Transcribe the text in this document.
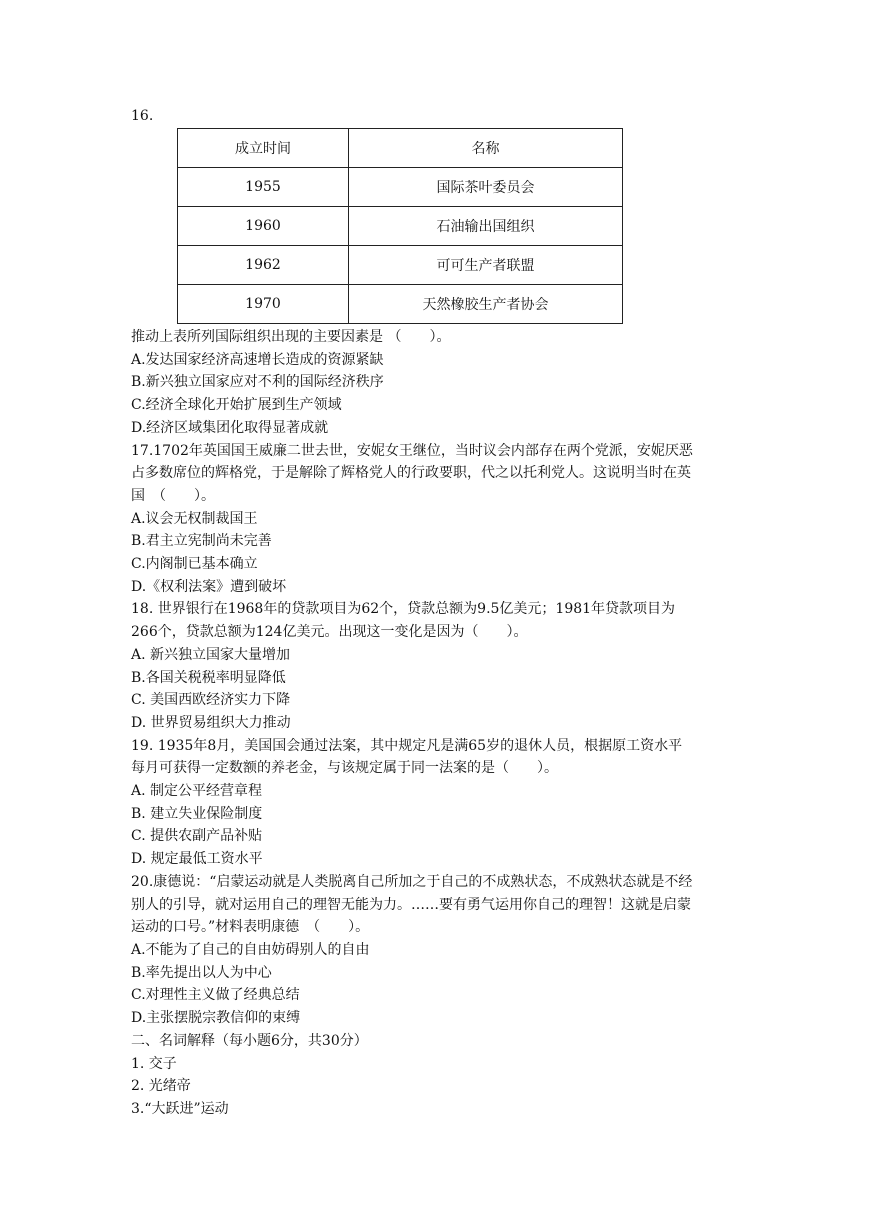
16.
成立时间	名称
1955	国际茶叶委员会
1960	石油输出国组织
1962	可可生产者联盟
1970	天然橡胶生产者协会

推动上表所列国际组织出现的主要因素是 （　　）。

A.发达国家经济高速增长造成的资源紧缺

B.新兴独立国家应对不利的国际经济秩序

C.经济全球化开始扩展到生产领域

D.经济区域集团化取得显著成就

17.1702年英国国王威廉二世去世，安妮女王继位，当时议会内部存在两个党派，安妮厌恶

占多数席位的辉格党，于是解除了辉格党人的行政要职，代之以托利党人。这说明当时在英

国　（　　）。

A.议会无权制裁国王

B.君主立宪制尚未完善

C.内阁制已基本确立

D.《权利法案》遭到破坏

18. 世界银行在1968年的贷款项目为62个，贷款总额为9.5亿美元；1981年贷款项目为

266个，贷款总额为124亿美元。出现这一变化是因为（　　）。

A. 新兴独立国家大量增加

B.各国关税税率明显降低

C. 美国西欧经济实力下降

D. 世界贸易组织大力推动

19. 1935年8月，美国国会通过法案，其中规定凡是满65岁的退休人员，根据原工资水平

每月可获得一定数额的养老金，与该规定属于同一法案的是（　　）。

A. 制定公平经营章程

B. 建立失业保险制度

C. 提供农副产品补贴

D. 规定最低工资水平

20.康德说：“启蒙运动就是人类脱离自己所加之于自己的不成熟状态，不成熟状态就是不经

别人的引导，就对运用自己的理智无能为力。……要有勇气运用你自己的理智！这就是启蒙

运动的口号。”材料表明康德　（　　）。

A.不能为了自己的自由妨碍别人的自由

B.率先提出以人为中心

C.对理性主义做了经典总结

D.主张摆脱宗教信仰的束缚

二、名词解释（每小题6分，共30分）

1. 交子

2. 光绪帝

3.“大跃进”运动
